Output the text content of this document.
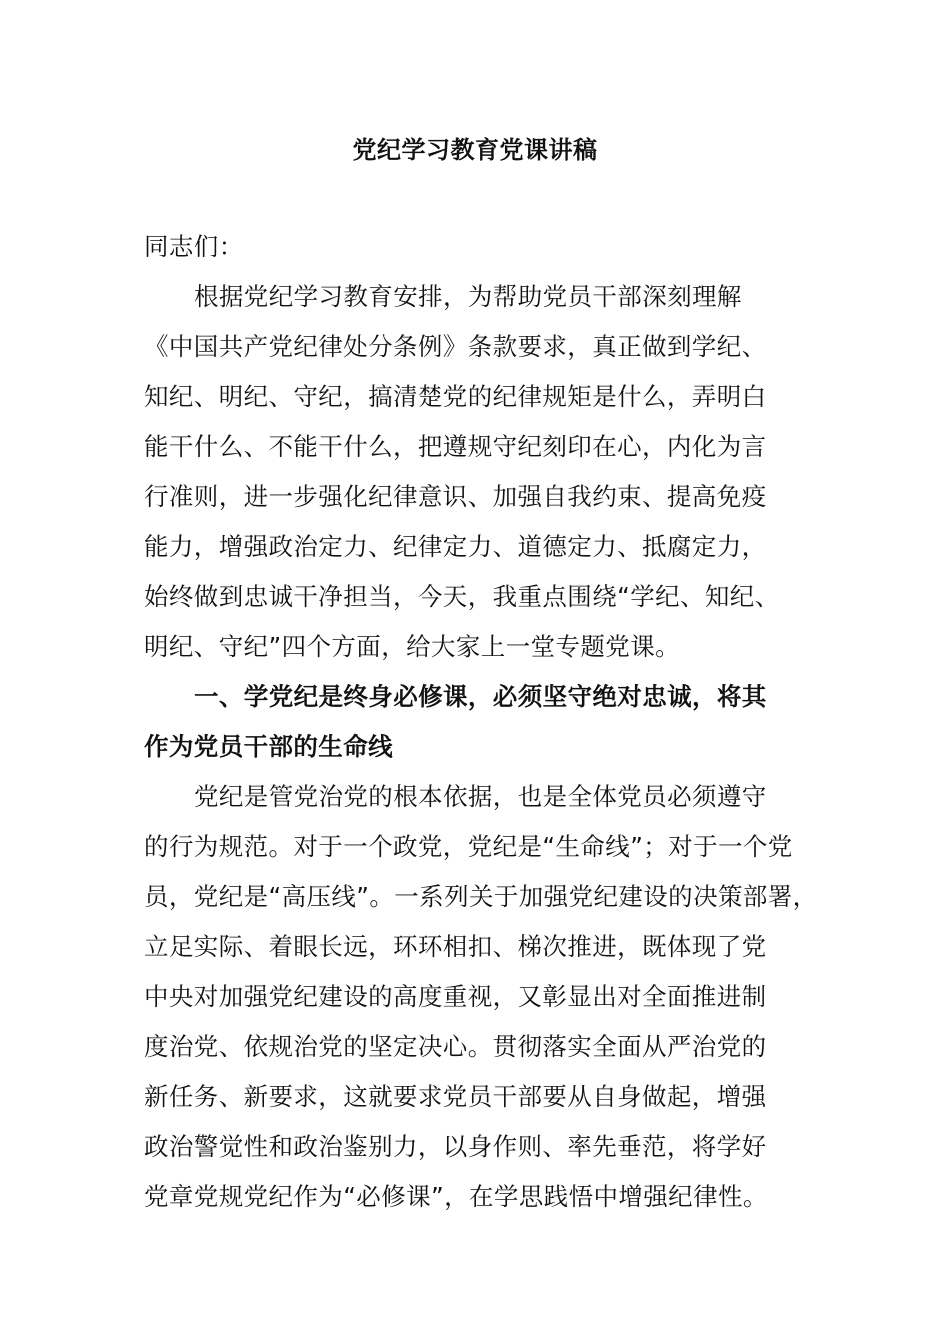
党纪学习教育党课讲稿
同志们：
根据党纪学习教育安排，为帮助党员干部深刻理解
《中国共产党纪律处分条例》条款要求，真正做到学纪、
知纪、明纪、守纪，搞清楚党的纪律规矩是什么，弄明白
能干什么、不能干什么，把遵规守纪刻印在心，内化为言
行准则，进一步强化纪律意识、加强自我约束、提高免疫
能力，增强政治定力、纪律定力、道德定力、抵腐定力，
始终做到忠诚干净担当，今天，我重点围绕“学纪、知纪、
明纪、守纪”四个方面，给大家上一堂专题党课。
一、学党纪是终身必修课，必须坚守绝对忠诚，将其
作为党员干部的生命线
党纪是管党治党的根本依据，也是全体党员必须遵守
的行为规范。对于一个政党，党纪是“生命线”；对于一个党
员，党纪是“高压线”。一系列关于加强党纪建设的决策部署，
立足实际、着眼长远，环环相扣、梯次推进，既体现了党
中央对加强党纪建设的高度重视，又彰显出对全面推进制
度治党、依规治党的坚定决心。贯彻落实全面从严治党的
新任务、新要求，这就要求党员干部要从自身做起，增强
政治警觉性和政治鉴别力，以身作则、率先垂范，将学好
党章党规党纪作为“必修课”，在学思践悟中增强纪律性。
